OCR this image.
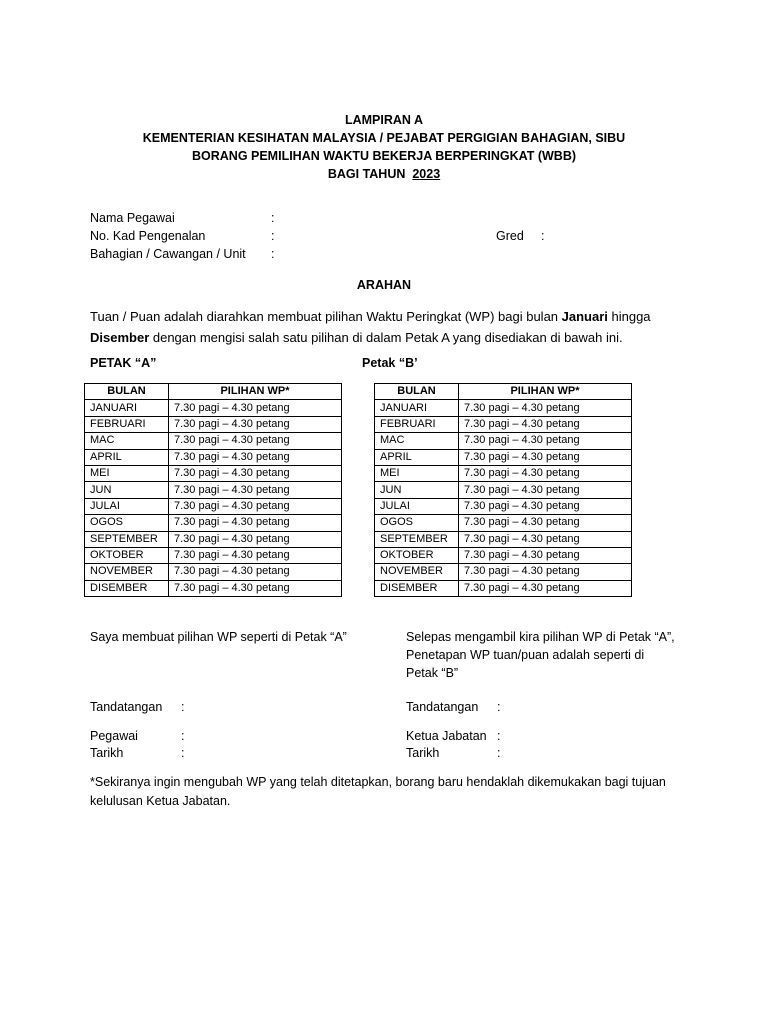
LAMPIRAN A
KEMENTERIAN KESIHATAN MALAYSIA / PEJABAT PERGIGIAN BAHAGIAN, SIBU
BORANG PEMILIHAN WAKTU BEKERJA BERPERINGKAT (WBB)
BAGI TAHUN  2023
Nama Pegawai	:
No. Kad Pengenalan	:	Gred :
Bahagian / Cawangan / Unit :
ARAHAN
Tuan / Puan adalah diarahkan membuat pilihan Waktu Peringkat (WP) bagi bulan Januari hingga
Disember dengan mengisi salah satu pilihan di dalam Petak A yang disediakan di bawah ini.
PETAK “A”	Petak “B’
BULAN	PILIHAN WP*
JANUARI	7.30 pagi – 4.30 petang
FEBRUARI	7.30 pagi – 4.30 petang
MAC	7.30 pagi – 4.30 petang
APRIL	7.30 pagi – 4.30 petang
MEI	7.30 pagi – 4.30 petang
JUN	7.30 pagi – 4.30 petang
JULAI	7.30 pagi – 4.30 petang
OGOS	7.30 pagi – 4.30 petang
SEPTEMBER	7.30 pagi – 4.30 petang
OKTOBER	7.30 pagi – 4.30 petang
NOVEMBER	7.30 pagi – 4.30 petang
DISEMBER	7.30 pagi – 4.30 petang
BULAN	PILIHAN WP*
JANUARI	7.30 pagi – 4.30 petang
FEBRUARI	7.30 pagi – 4.30 petang
MAC	7.30 pagi – 4.30 petang
APRIL	7.30 pagi – 4.30 petang
MEI	7.30 pagi – 4.30 petang
JUN	7.30 pagi – 4.30 petang
JULAI	7.30 pagi – 4.30 petang
OGOS	7.30 pagi – 4.30 petang
SEPTEMBER	7.30 pagi – 4.30 petang
OKTOBER	7.30 pagi – 4.30 petang
NOVEMBER	7.30 pagi – 4.30 petang
DISEMBER	7.30 pagi – 4.30 petang
Saya membuat pilihan WP seperti di Petak “A”	Selepas mengambil kira pilihan WP di Petak “A”,
Penetapan WP tuan/puan adalah seperti di
Petak “B”
Tandatangan :
Pegawai	:
Tarikh	:
Tandatangan :
Ketua Jabatan :
Tarikh	:
*Sekiranya ingin mengubah WP yang telah ditetapkan, borang baru hendaklah dikemukakan bagi tujuan
kelulusan Ketua Jabatan.
